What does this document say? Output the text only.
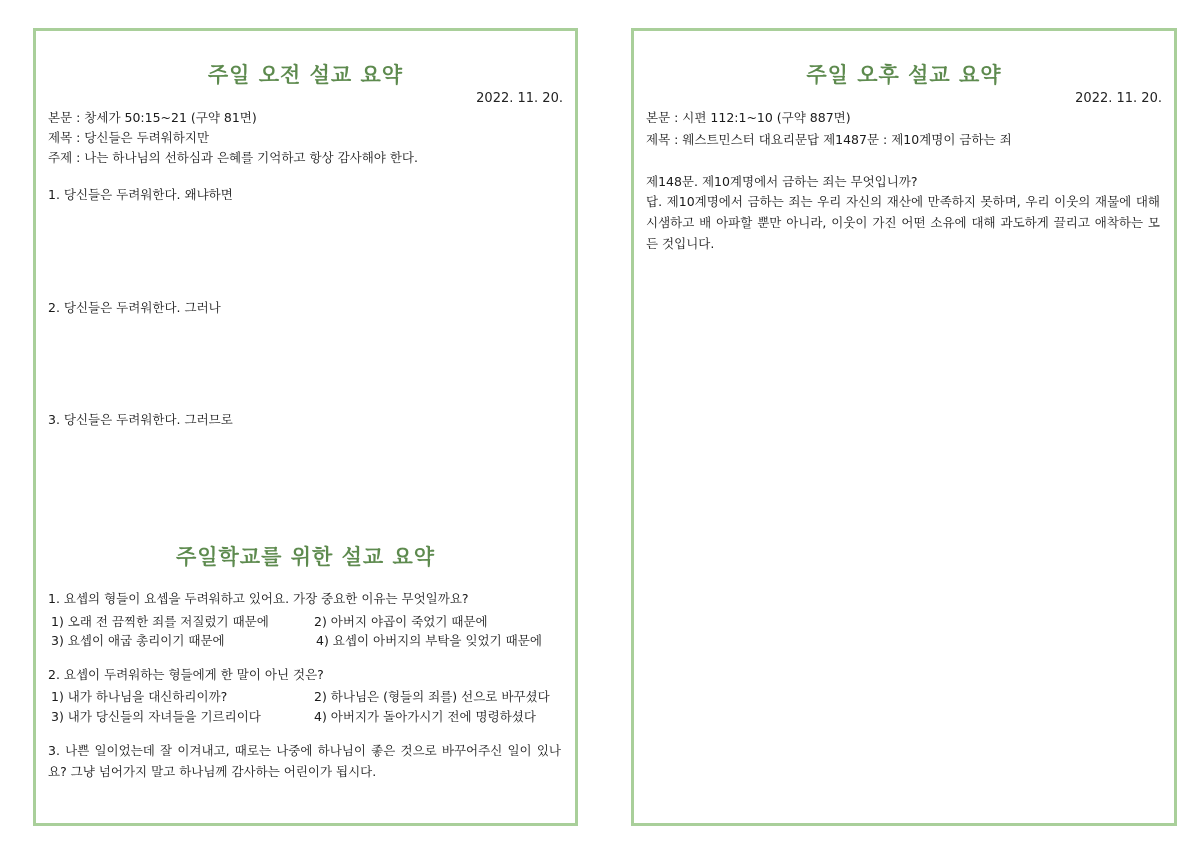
주일 오전 설교 요약
2022. 11. 20.
본문 : 창세가 50:15~21 (구약 81면)
제목 : 당신들은 두려워하지만
주제 : 나는 하나님의 선하심과 은혜를 기억하고 항상 감사해야 한다.
1. 당신들은 두려워한다. 왜냐하면
2. 당신들은 두려워한다. 그러나
3. 당신들은 두려워한다. 그러므로
주일학교를 위한 설교 요약
1. 요셉의 형들이 요셉을 두려워하고 있어요. 가장 중요한 이유는 무엇일까요?
1) 오래 전 끔찍한 죄를 저질렀기 때문에	2) 아버지 야곱이 죽었기 때문에
3) 요셉이 애굽 총리이기 때문에	4) 요셉이 아버지의 부탁을 잊었기 때문에
2. 요셉이 두려워하는 형들에게 한 말이 아닌 것은?
1) 내가 하나님을 대신하리이까?	2) 하나님은 (형들의 죄를) 선으로 바꾸셨다
3) 내가 당신들의 자녀들을 기르리이다	4) 아버지가 돌아가시기 전에 명령하셨다
3. 나쁜 일이었는데 잘 이겨내고, 때로는 나중에 하나님이 좋은 것으로 바꾸어주신 일이 있나요? 그냥 넘어가지 말고 하나님께 감사하는 어린이가 됩시다.
주일 오후 설교 요약
2022. 11. 20.
본문 : 시편 112:1~10 (구약 887면)
제목 : 웨스트민스터 대요리문답 제1487문 : 제10계명이 금하는 죄
제148문. 제10계명에서 금하는 죄는 무엇입니까?
답. 제10계명에서 금하는 죄는 우리 자신의 재산에 만족하지 못하며, 우리 이웃의 재물에 대해 시샘하고 배 아파할 뿐만 아니라, 이웃이 가진 어떤 소유에 대해 과도하게 끌리고 애착하는 모든 것입니다.
